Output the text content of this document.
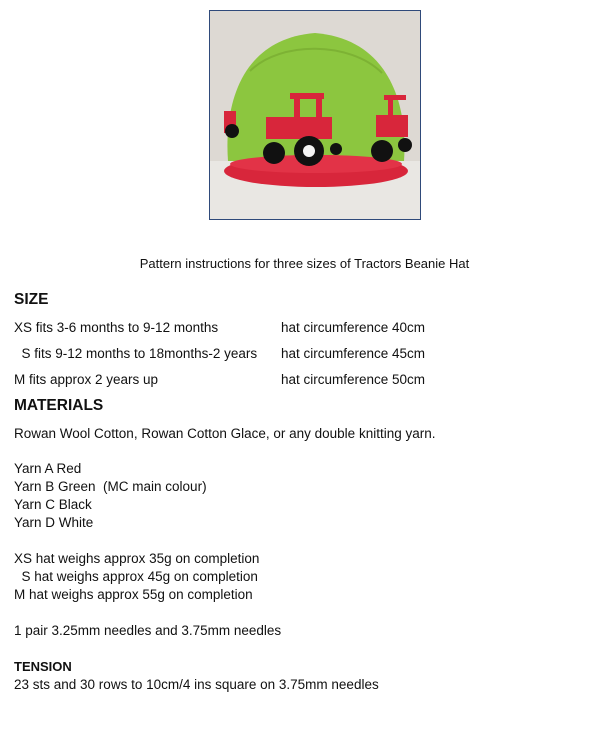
Pattern instructions for three sizes of Tractors Beanie Hat
SIZE
XS fits 3-6 months to 9-12 months	hat circumference 40cm
S fits 9-12 months to 18months-2 years hat circumference 45cm
M fits approx 2 years up	hat circumference 50cm
MATERIALS
Rowan Wool Cotton, Rowan Cotton Glace, or any double knitting yarn.
Yarn A Red
Yarn B Green  (MC main colour)
Yarn C Black
Yarn D White
XS hat weighs approx 35g on completion
S hat weighs approx 45g on completion
M hat weighs approx 55g on completion
1 pair 3.25mm needles and 3.75mm needles
TENSION
23 sts and 30 rows to 10cm/4 ins square on 3.75mm needles
